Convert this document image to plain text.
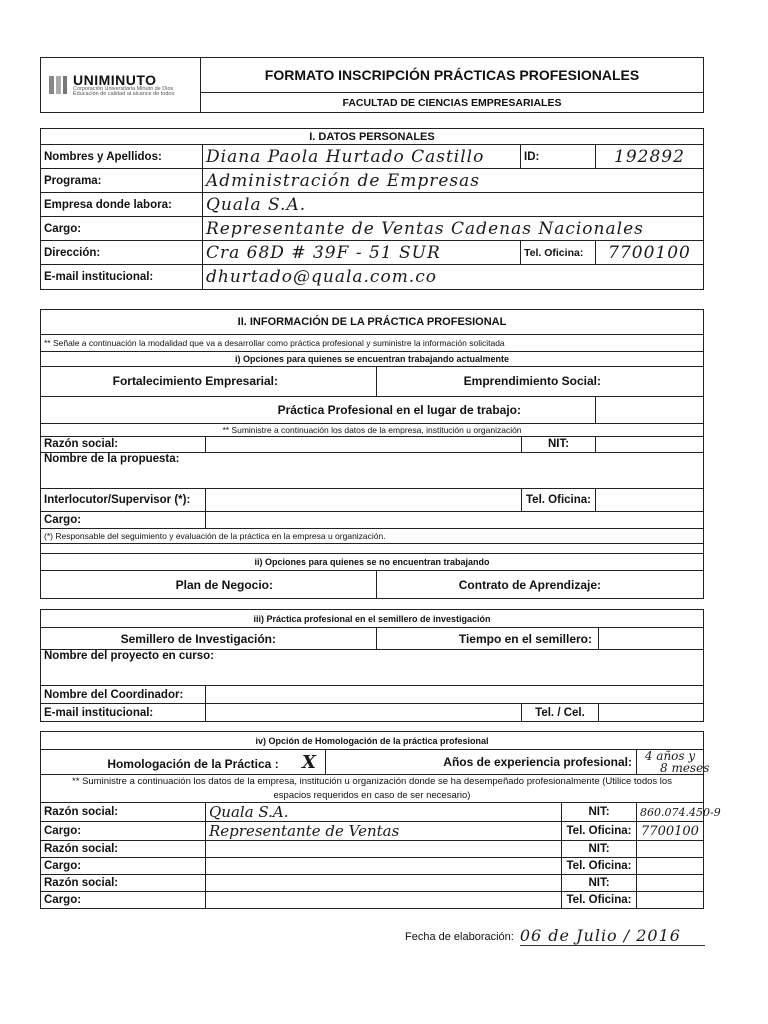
UNIMINUTO
Corporación Universitaria Minuto de Dios
Educación de calidad al alcance de todos
	FORMATO INSCRIPCIÓN PRÁCTICAS PROFESIONALES
FACULTAD DE CIENCIAS EMPRESARIALES
I. DATOS PERSONALES			
Nombres y Apellidos:	Diana Paola Hurtado Castillo	ID:	192892
Programa:	Administración de Empresas		
Empresa donde labora:	Quala S.A.		
Cargo:	Representante de Ventas Cadenas Nacionales		
Dirección:	Cra 68D # 39F - 51 SUR	Tel. Oficina:	7700100
E-mail institucional:	dhurtado@quala.com.co		
II. INFORMACIÓN DE LA PRÁCTICA PROFESIONAL				
** Señale a continuación la modalidad que va a desarrollar como práctica profesional y suministre la información solicitada				
i) Opciones para quienes se encuentran trabajando actualmente				
Fortalecimiento Empresarial:		Emprendimiento Social:		
Práctica Profesional en el lugar de trabajo:				
** Suministre a continuación los datos de la empresa, institución u organización				
Razón social:			NIT:	
Nombre de la propuesta:				
Interlocutor/Supervisor (*):			Tel. Oficina:	
Cargo:				
(*) Responsable del seguimiento y evaluación de la práctica en la empresa u organización.				

ii) Opciones para quienes se no encuentran trabajando				
Plan de Negocio:		Contrato de Aprendizaje:		
iii) Práctica profesional en el semillero de investigación				
Semillero de Investigación:		Tiempo en el semillero:		
Nombre del proyecto en curso:				
Nombre del Coordinador:				
E-mail institucional:			Tel. / Cel.	
iv) Opción de Homologación de la práctica profesional				
Homologación de la Práctica : X		Años de experiencia profesional:		4 años y
8 meses

** Suministre a continuación los datos de la empresa, institución u organización donde se ha desempeñado profesionalmente (Utilice todos los
espacios requeridos en caso de ser necesario)				

Razón social:	Quala S.A.		NIT:	860.074.450-9
Cargo:	Representante de Ventas		Tel. Oficina:	7700100
Razón social:			NIT:	
Cargo:			Tel. Oficina:	
Razón social:			NIT:	
Cargo:			Tel. Oficina:	
Fecha de elaboración: 06 de Julio / 2016
